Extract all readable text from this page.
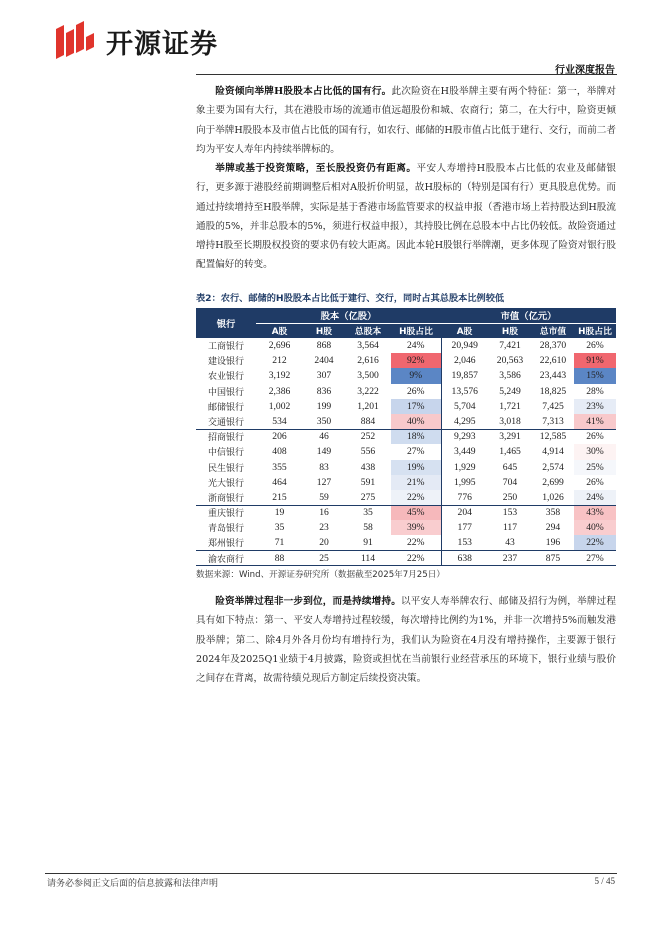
开源证券
行业深度报告

险资倾向举牌H股股本占比低的国有行。此次险资在H股举牌主要有两个特征：第一，举牌对象主要为国有大行，其在港股市场的流通市值远超股份和城、农商行；第二，在大行中，险资更倾向于举牌H股股本及市值占比低的国有行，如农行、邮储的H股市值占比低于建行、交行，而前二者均为平安人寿年内持续举牌标的。

举牌或基于投资策略，至长股投资仍有距离。平安人寿增持H股股本占比低的农业及邮储银行，更多源于港股经前期调整后相对A股折价明显，故H股标的（特别是国有行）更具股息优势。而通过持续增持至H股举牌，实际是基于香港市场监管要求的权益申报（香港市场上若持股达到H股流通股的5%，并非总股本的5%，须进行权益申报），其持股比例在总股本中占比仍较低。故险资通过增持H股至长期股权投资的要求仍有较大距离。因此本轮H股银行举牌潮，更多体现了险资对银行股配置偏好的转变。

表2：农行、邮储的H股股本占比低于建行、交行，同时占其总股本比例较低
银行	股本（亿股）				市值（亿元）			
	A股	H股	总股本	H股占比	A股	H股	总市值	H股占比
工商银行	2,696	868	3,564	24%	20,949	7,421	28,370	26%
建设银行	212	2404	2,616	92%	2,046	20,563	22,610	91%
农业银行	3,192	307	3,500	9%	19,857	3,586	23,443	15%
中国银行	2,386	836	3,222	26%	13,576	5,249	18,825	28%
邮储银行	1,002	199	1,201	17%	5,704	1,721	7,425	23%
交通银行	534	350	884	40%	4,295	3,018	7,313	41%
招商银行	206	46	252	18%	9,293	3,291	12,585	26%
中信银行	408	149	556	27%	3,449	1,465	4,914	30%
民生银行	355	83	438	19%	1,929	645	2,574	25%
光大银行	464	127	591	21%	1,995	704	2,699	26%
浙商银行	215	59	275	22%	776	250	1,026	24%
重庆银行	19	16	35	45%	204	153	358	43%
青岛银行	35	23	58	39%	177	117	294	40%
郑州银行	71	20	91	22%	153	43	196	22%
渝农商行	88	25	114	22%	638	237	875	27%
数据来源：Wind、开源证券研究所（数据截至2025年7月25日）

险资举牌过程非一步到位，而是持续增持。以平安人寿举牌农行、邮储及招行为例，举牌过程具有如下特点：第一、平安人寿增持过程较缓，每次增持比例约为1%，并非一次增持5%而触发港股举牌；第二、除4月外各月份均有增持行为，我们认为险资在4月没有增持操作，主要源于银行2024年及2025Q1业绩于4月披露，险资或担忧在当前银行业经营承压的环境下，银行业绩与股价之间存在背离，故需待绩兑现后方制定后续投资决策。

请务必参阅正文后面的信息披露和法律声明	5 / 45
